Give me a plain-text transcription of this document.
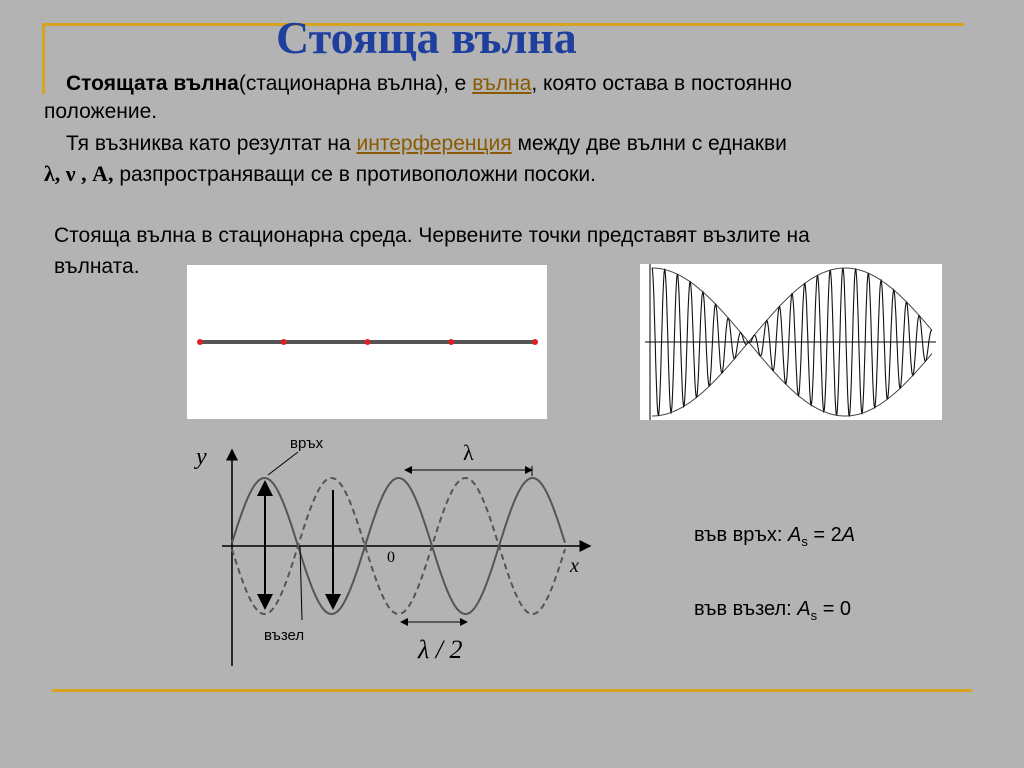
Стояща вълна

Стоящата вълна(стационарна вълна), е вълна, която остава в постоянно

положение.

Тя възниква като резултат на интерференция между две вълни с еднакви

λ, ν , A, разпространяващи се в противоположни посоки.

Стояща вълна в стационарна среда. Червените точки представят възлите на
вълната.

y
x
0
връх
възел
λ
λ / 2

във връх: $A_s = 2A$

във възел: $A_s = 0$
